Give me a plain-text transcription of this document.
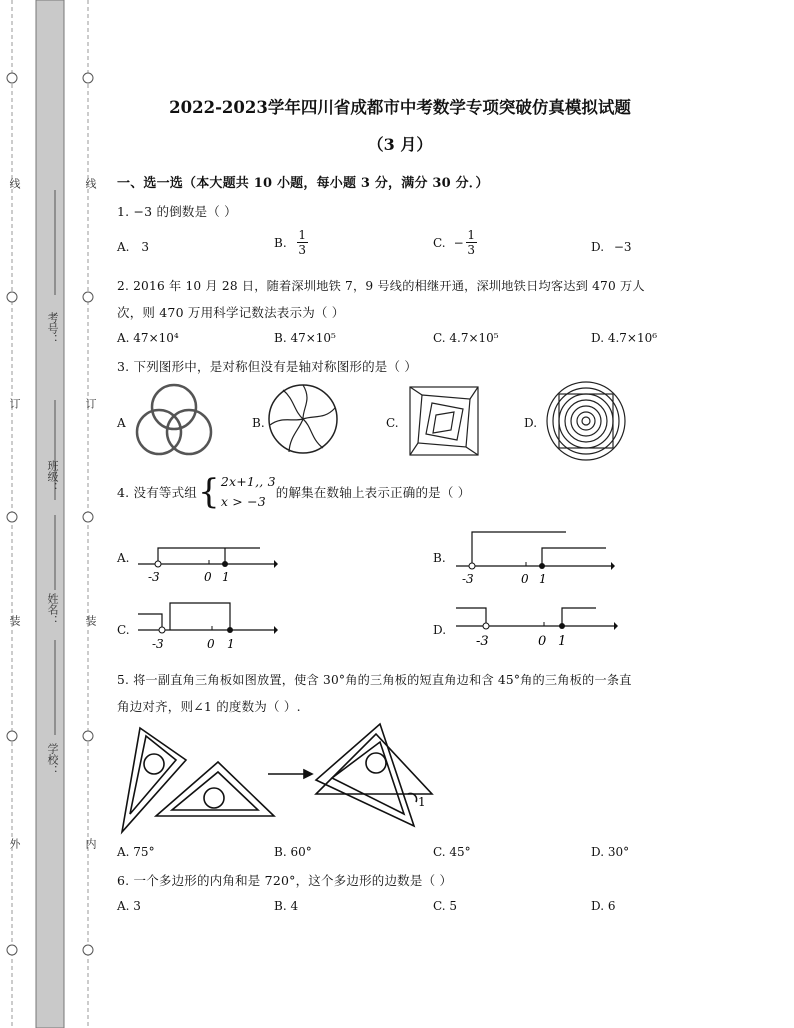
线
订
装
外
线
订
装
内
考号：
班级：
姓名：
学校：
2022-2023学年四川省成都市中考数学专项突破仿真模拟试题
（3 月）
一、选一选（本大题共 10 小题，每小题 3 分，满分 30 分．）
1. −3 的倒数是（ ）
A. 3	B.
1
3
C. −
1
3	D. −3
2. 2016 年 10 月 28 日，随着深圳地铁 7，9 号线的相继开通，深圳地铁日均客达到 470 万人
次，则 470 万用科学记数法表示为（ ）
A. 47×10⁴	B. 47×10⁵	C. 4.7×10⁵	D. 4.7×10⁶
3. 下列图形中，是对称但没有是轴对称图形的是（ ）
A	B.	C.	D.
4. 没有等式组 { 2x+1,, 3
x > −3
的解集在数轴上表示正确的是（ ）
A.	B.
C.	D.
-3	0 1	-3	0 1
-3	0 1	-3	0 1
5. 将一副直角三角板如图放置，使含 30°角的三角板的短直角边和含 45°角的三角板的一条直
角边对齐，则∠1 的度数为（ ）.
1
A. 75°	B. 60°	C. 45°	D. 30°
6. 一个多边形的内角和是 720°，这个多边形的边数是（ ）
A. 3	B. 4	C. 5	D. 6
